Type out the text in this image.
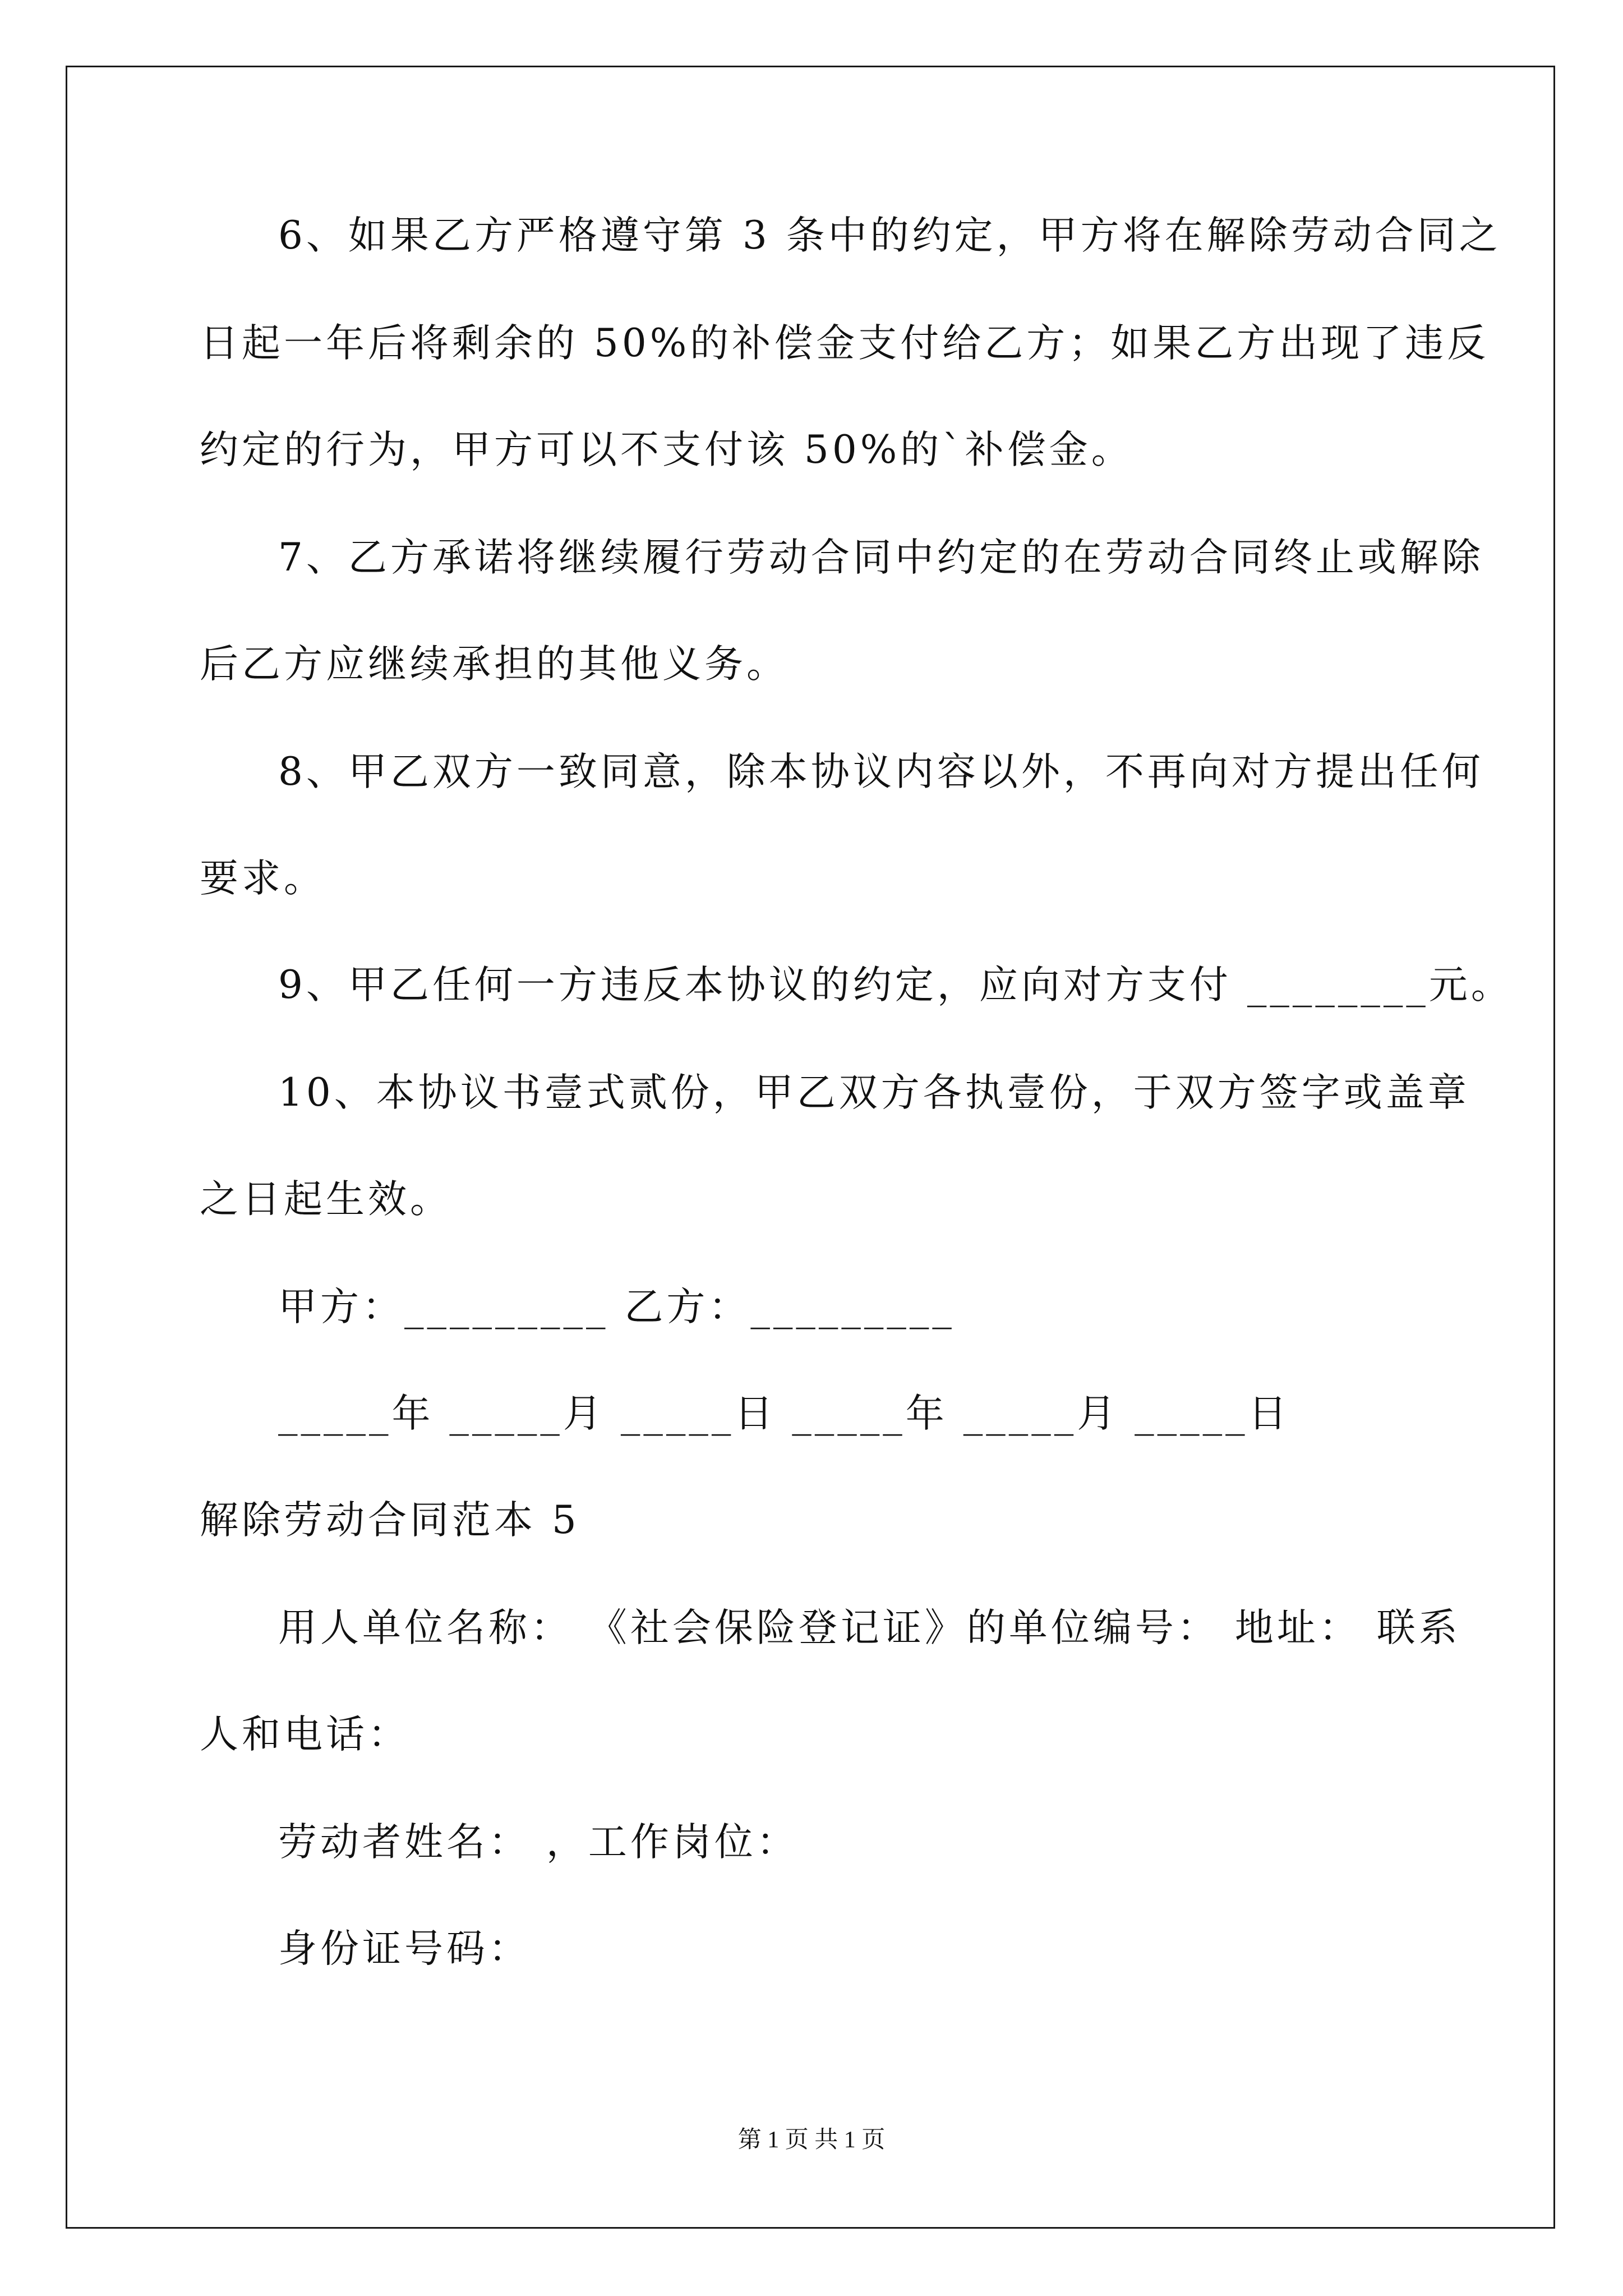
6、如果乙方严格遵守第 3 条中的约定，甲方将在解除劳动合同之
日起一年后将剩余的 50%的补偿金支付给乙方；如果乙方出现了违反
约定的行为，甲方可以不支付该 50%的`补偿金。
7、乙方承诺将继续履行劳动合同中约定的在劳动合同终止或解除
后乙方应继续承担的其他义务。
8、甲乙双方一致同意，除本协议内容以外，不再向对方提出任何
要求。
9、甲乙任何一方违反本协议的约定，应向对方支付 ________元。
10、本协议书壹式贰份，甲乙双方各执壹份，于双方签字或盖章
之日起生效。
甲方：_________ 乙方：_________
_____年 _____月 _____日 _____年 _____月 _____日
解除劳动合同范本 5
用人单位名称： 《社会保险登记证》的单位编号： 地址： 联系
人和电话：
劳动者姓名： ，工作岗位：
身份证号码：
第 1 页 共 1 页
